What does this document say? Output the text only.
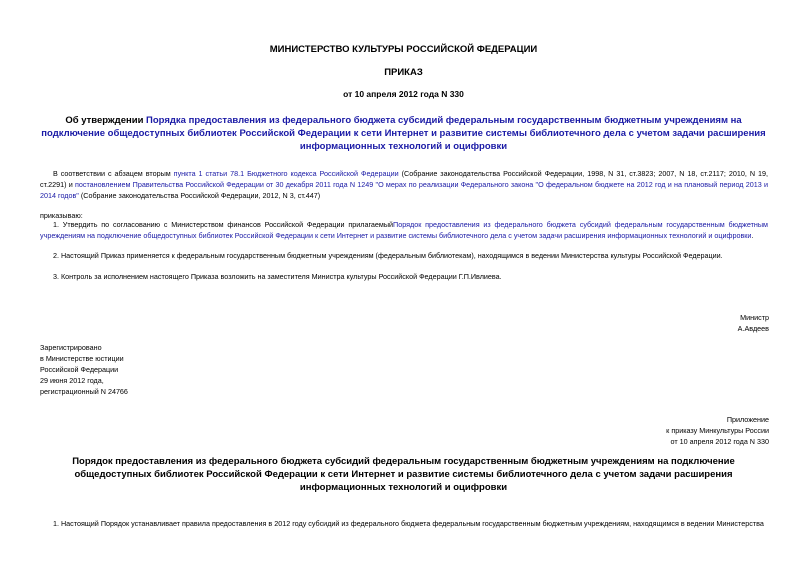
МИНИСТЕРСТВО КУЛЬТУРЫ РОССИЙСКОЙ ФЕДЕРАЦИИ
ПРИКАЗ
от 10 апреля 2012 года N 330
Об утверждении Порядка предоставления из федерального бюджета субсидий федеральным государственным бюджетным учреждениям на подключение общедоступных библиотек Российской Федерации к сети Интернет и развитие системы библиотечного дела с учетом задачи расширения информационных технологий и оцифровки
В соответствии с абзацем вторым пункта 1 статьи 78.1 Бюджетного кодекса Российской Федерации (Собрание законодательства Российской Федерации, 1998, N 31, ст.3823; 2007, N 18, ст.2117; 2010, N 19, ст.2291) и постановлением Правительства Российской Федерации от 30 декабря 2011 года N 1249 "О мерах по реализации Федерального закона "О федеральном бюджете на 2012 год и на плановый период 2013 и 2014 годов" (Собрание законодательства Российской Федерации, 2012, N 3, ст.447)
приказываю:
1. Утвердить по согласованию с Министерством финансов Российской Федерации прилагаемыйПорядок предоставления из федерального бюджета субсидий федеральным государственным бюджетным учреждениям на подключение общедоступных библиотек Российской Федерации к сети Интернет и развитие системы библиотечного дела с учетом задачи расширения информационных технологий и оцифровки.
2. Настоящий Приказ применяется к федеральным государственным бюджетным учреждениям (федеральным библиотекам), находящимся в ведении Министерства культуры Российской Федерации.
3. Контроль за исполнением настоящего Приказа возложить на заместителя Министра культуры Российской Федерации Г.П.Ивлиева.
Министр
А.Авдеев
Зарегистрировано
в Министерстве юстиции
Российской Федерации
29 июня 2012 года,
регистрационный N 24766
Приложение
к приказу Минкультуры России
от 10 апреля 2012 года N 330
Порядок предоставления из федерального бюджета субсидий федеральным государственным бюджетным учреждениям на подключение общедоступных библиотек Российской Федерации к сети Интернет и развитие системы библиотечного дела с учетом задачи расширения информационных технологий и оцифровки
1. Настоящий Порядок устанавливает правила предоставления в 2012 году субсидий из федерального бюджета федеральным государственным бюджетным учреждениям, находящимся в ведении Министерства
